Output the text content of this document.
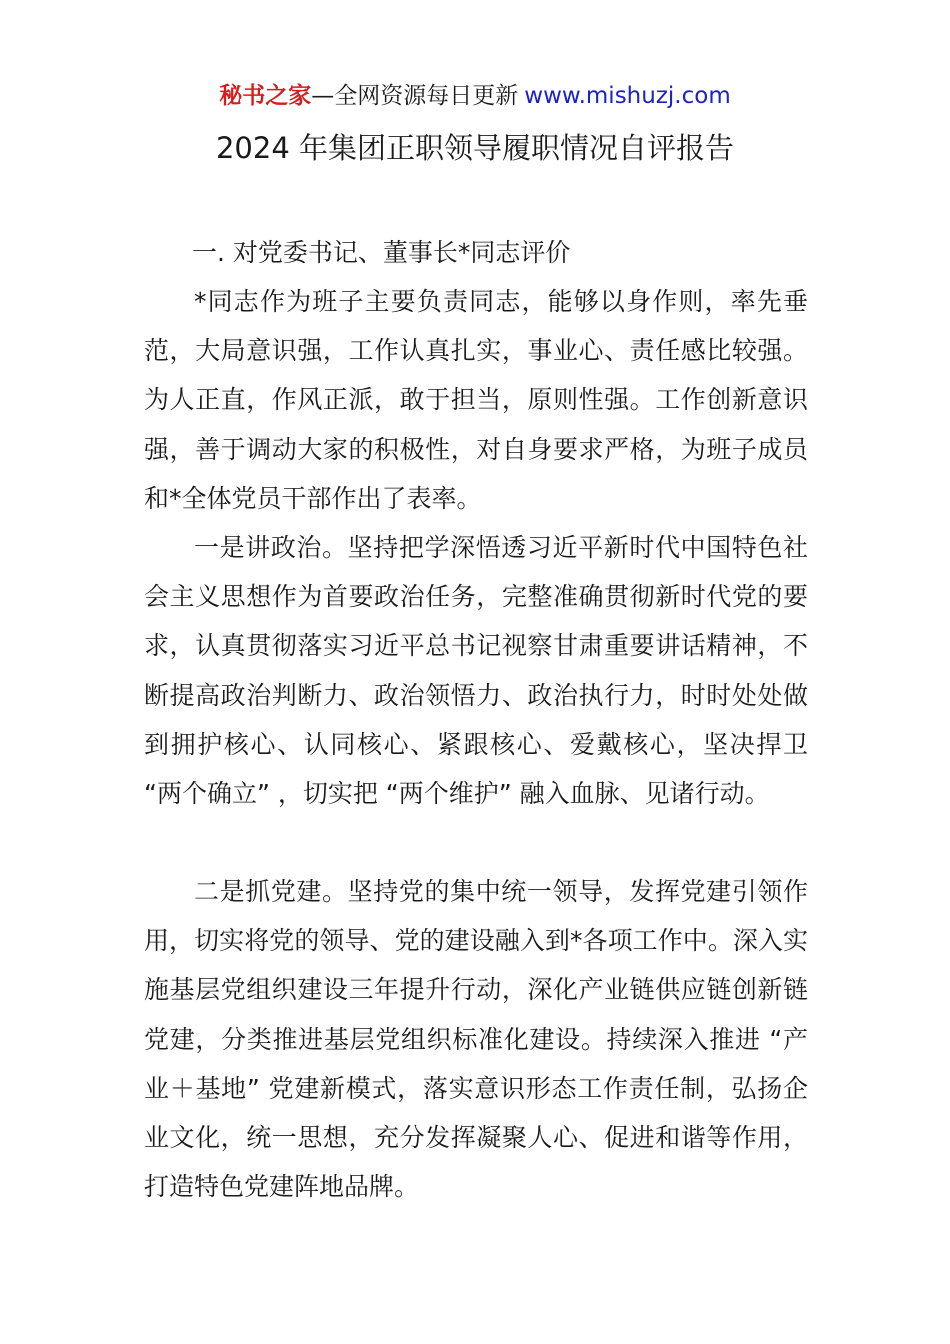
秘书之家—全网资源每日更新 www.mishuzj.com
2024 年集团正职领导履职情况自评报告
一. 对党委书记、董事长*同志评价

*同志作为班子主要负责同志，能够以身作则，率先垂范，大局意识强，工作认真扎实，事业心、责任感比较强。为人正直，作风正派，敢于担当，原则性强。工作创新意识强，善于调动大家的积极性，对自身要求严格，为班子成员和*全体党员干部作出了表率。

一是讲政治。坚持把学深悟透习近平新时代中国特色社会主义思想作为首要政治任务，完整准确贯彻新时代党的要求，认真贯彻落实习近平总书记视察甘肃重要讲话精神，不断提高政治判断力、政治领悟力、政治执行力，时时处处做到拥护核心、认同核心、紧跟核心、爱戴核心，坚决捍卫 “两个确立” ，切实把 “两个维护” 融入血脉、见诸行动。

二是抓党建。坚持党的集中统一领导，发挥党建引领作用，切实将党的领导、党的建设融入到*各项工作中。深入实施基层党组织建设三年提升行动，深化产业链供应链创新链党建，分类推进基层党组织标准化建设。持续深入推进 “产业＋基地” 党建新模式，落实意识形态工作责任制，弘扬企业文化，统一思想，充分发挥凝聚人心、促进和谐等作用，打造特色党建阵地品牌。
